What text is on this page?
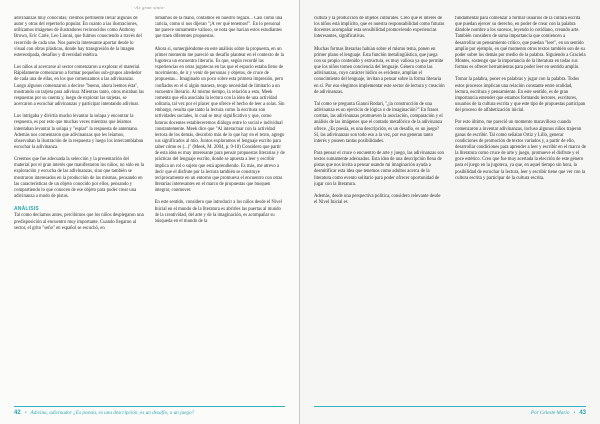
-As gran sinto-

adivinanzas muy conocidas; creímos pertinente llevar algunos de autor y otras del repertorio popular. En cuanto a las ilustraciones, utilizamos imágenes de ilustradores reconocidos como Anthony Brown, Eric Carle, Leo Lionni, que fuimos conociendo a través del recorrido de cada uno. Nos parecía interesante aportar desde lo visual con obras plásticas, donde hay transgresión de la imagen estereotipada, desafíos y diversidad estética.

Los niños al acercarse al sector comenzaron a explorar el material. Rápidamente comenzaron a formar pequeños sub-grupos alrededor de cada una de ellas, en los que comenzamos a las adivinanzas. Luego algunos comenzaron a decirse "bueno, ahora leemos ésta", mostrando un tarjeta para adivinar. Mientras tanto, otros miraban las respuestas por su cuenta y, luego de explorar las tarjetas, se acercaron a escuchar adivinanzas y participar intentando adivinar.

Los intrigaba y divirtía mucho levantar la solapa y encontrar la respuesta, es por esto que muchas veces mientras que leíamos intentaban levantar la solapa y "espiar" la respuesta de antemano. Además nos comentaron que adivinanzas que les leíamos, observaban la ilustración de la respuesta y luego los intercambiaban escuchar la adivinanza.

Creemos que fue adecuada la selección y la presentación del material por el gran interés que manifestaron los niños, no sólo en la exploración y escucha de las adivinanzas, sino que también se mostraron interesados en la producción de las mismas, pensando en las características de un objeto conocido por ellos, pensando y compartiendo lo que conocen de ese objeto para poder crear una adivinanza a modo de pistas.

ANÁLISIS

Tal como decíamos antes, percibimos que los niños desplegaron una predisposición al encuentro muy importante. Cuando llegaron al sector, el grito "seño" en español se escuchó, en

tomamos de la mano, contamos en nuestro regazo... Casi como una caricia, como si nos dijeran "¡A ver qué tenemos!". En lo personal me parece sumamente valioso, se nota que hacían estos estudiantes que traen diferentes propuestas.

Ahora si, sumergiéndome en este análisis sobre la propuesta, en un primer momento me pareció un desafío plantear en el contexto de la Jugoteca un encuentro literario. Es que, según recordé las experiencias en otras jugotecas en las que el espacio estaba lleno de movimiento, de ir y venir de personas y objetos, de cruce de propuestas... Imaginado un poco sobre esta primera impresión, pero confiados en el sí algún manera, tengo necesidad de limitarlo a un encuentro literario. Al mismo tiempo, la relación a esto, Meek comenta que ella asociaba la lectura con la idea de una actividad solitaria, tal vez por el placer que ofrece el hecho de leer a solas. Sin embargo, resulta que tanto la lectura como la escritura son actividades sociales, lo cual se muy significativo y que, como futuras docentes estableceremos diálogo entre lo social e individual constantemente. Meek dice que "Al interactuar con la actividad lectora de los demás, descubro más de lo que hay en el texto, agrego sus significados al mío. Juntos exploramos el lenguaje escrito para saber cómo es (...)" (Meek, M. 2004, p. 9-10) Considero que partir de esta idea es muy interesante para pensar propuestas literarias y de prácticas del lenguaje escrito, donde se apuesta a leer y escribir implica un rol o sujeto que está aprendiendo. Es más, me atrevo a decir que el disfrute por la lectura también se construye recíprocamente en un entorno que promueva el encuentro con otras literarias interesantes en el marco de propuestas que busquen integrar, conmover.

En este sentido, considero que introducir a los niños desde el Nivel Inicial en el mundo de la literatura es abrirles las puertas al mundo de la creatividad, del arte y de la imaginación, es acompañar su búsqueda en el mundo de la

42 • Adivina, adivinador ¿Es poesía, es una descripción, es un desafío, o un juego?

cultura y la producción de objetos culturales. Creo que el interés de los niños está implícito, que es nuestra responsabilidad como futuras docentes acompañar esta sensibilidad promoviendo experiencias interesantes, significativas.

Muchas formas literarias habían sobre el mismo tema, ponen en primer plano el lenguaje. Esta función metalingüística, que juega con su propio contenido y estructura, es muy valiosa ya que permite que los niños tomen conciencia del lenguaje. Género como las adivinanzas, cuyo carácter lúdico es evidente, amplían el conocimiento del lenguaje, invitan a pensar sobre la forma literaria en sí. Por eso elegimos implementar este sector de lectura y creación de adivinanzas.

Tal como se pregunta Gianni Rodari, "¿la construcción de una adivinanza es un ejercicio de lógica o de imaginación?" En frases cortitas, las adivinanzas promueven la asociación, comparación y el análisis de las imágenes que el contado metafórico de la adivinanza ofrece. ¿Es poesía, es una descripción, es un desafío, es un juego? Sí, las adivinanzas son todo eso a la vez, por eso generan tanto interés y poseen tantas posibilidades.

Para pensar el cruce o encuentro de arte y juego, las adivinanzas son textos sumamente adecuados. Esta idea de una descripción llena de pistas que nos invita a pensar usando mi imaginación ayuda a desmitificar esta idea que tenemos como adultos acerca de la literatura como evento solitario para poder ofrecer oportunidad de jugar con la literatura.

Además, desde una perspectiva política, considero relevante desde el Nivel Inicial es

fundamental para comenzar a formar usuarios de la cultura escrita que puedan ejercer su derecho, en poder de crear con la palabra dándole nombre a los sucesos, leyendo lo cotidiano, creando arte. También considero de suma importancia que comiencen a desarrollar un pensamiento crítico, que puedan "leer", en un sentido amplio por ejemplo, en qué momento otros textos también son de su poder sobre los demás por medio de la palabra. Siguiendo a Graciela Montes, sostengo que la importancia de la literatura en todas sus formas es ofrecer herramientas para poder leer en sentido amplio.

Tomar la palabra, poner en palabras y jugar con la palabra. Todos estos procesos implican una relación constante entre oralidad, lectura, escritura y pensamiento. En este sentido, es de gran importancia entender que estamos formando lectores, escritores, usuarios de la cultura escrita y que este tipo de propuestas participan del proceso de alfabetización inicial.

Por esto último, me pareció un momento maravilloso cuando comenzaron a inventar adivinanzas, incluso algunos niños trajeron ganas de escribir. Tal como señalan Ortiz y Lillo, generar condiciones de promoción de textos variados y, a partir de ello, desarrollar condiciones para aprender a leer y escribir en el marco de la literatura como cruce de arte y juego, promueve el disfrute y el goce estético. Creo que fue muy acertada la elección de este género para el juego en la jugoteca, ya que, en aquel tiempo sin hora, la posibilidad de escuchar la lectura, leer y escribir tiene que ver con la cultura escrita y participar de la cultura escrita.

Por Celeste Mario • 43
